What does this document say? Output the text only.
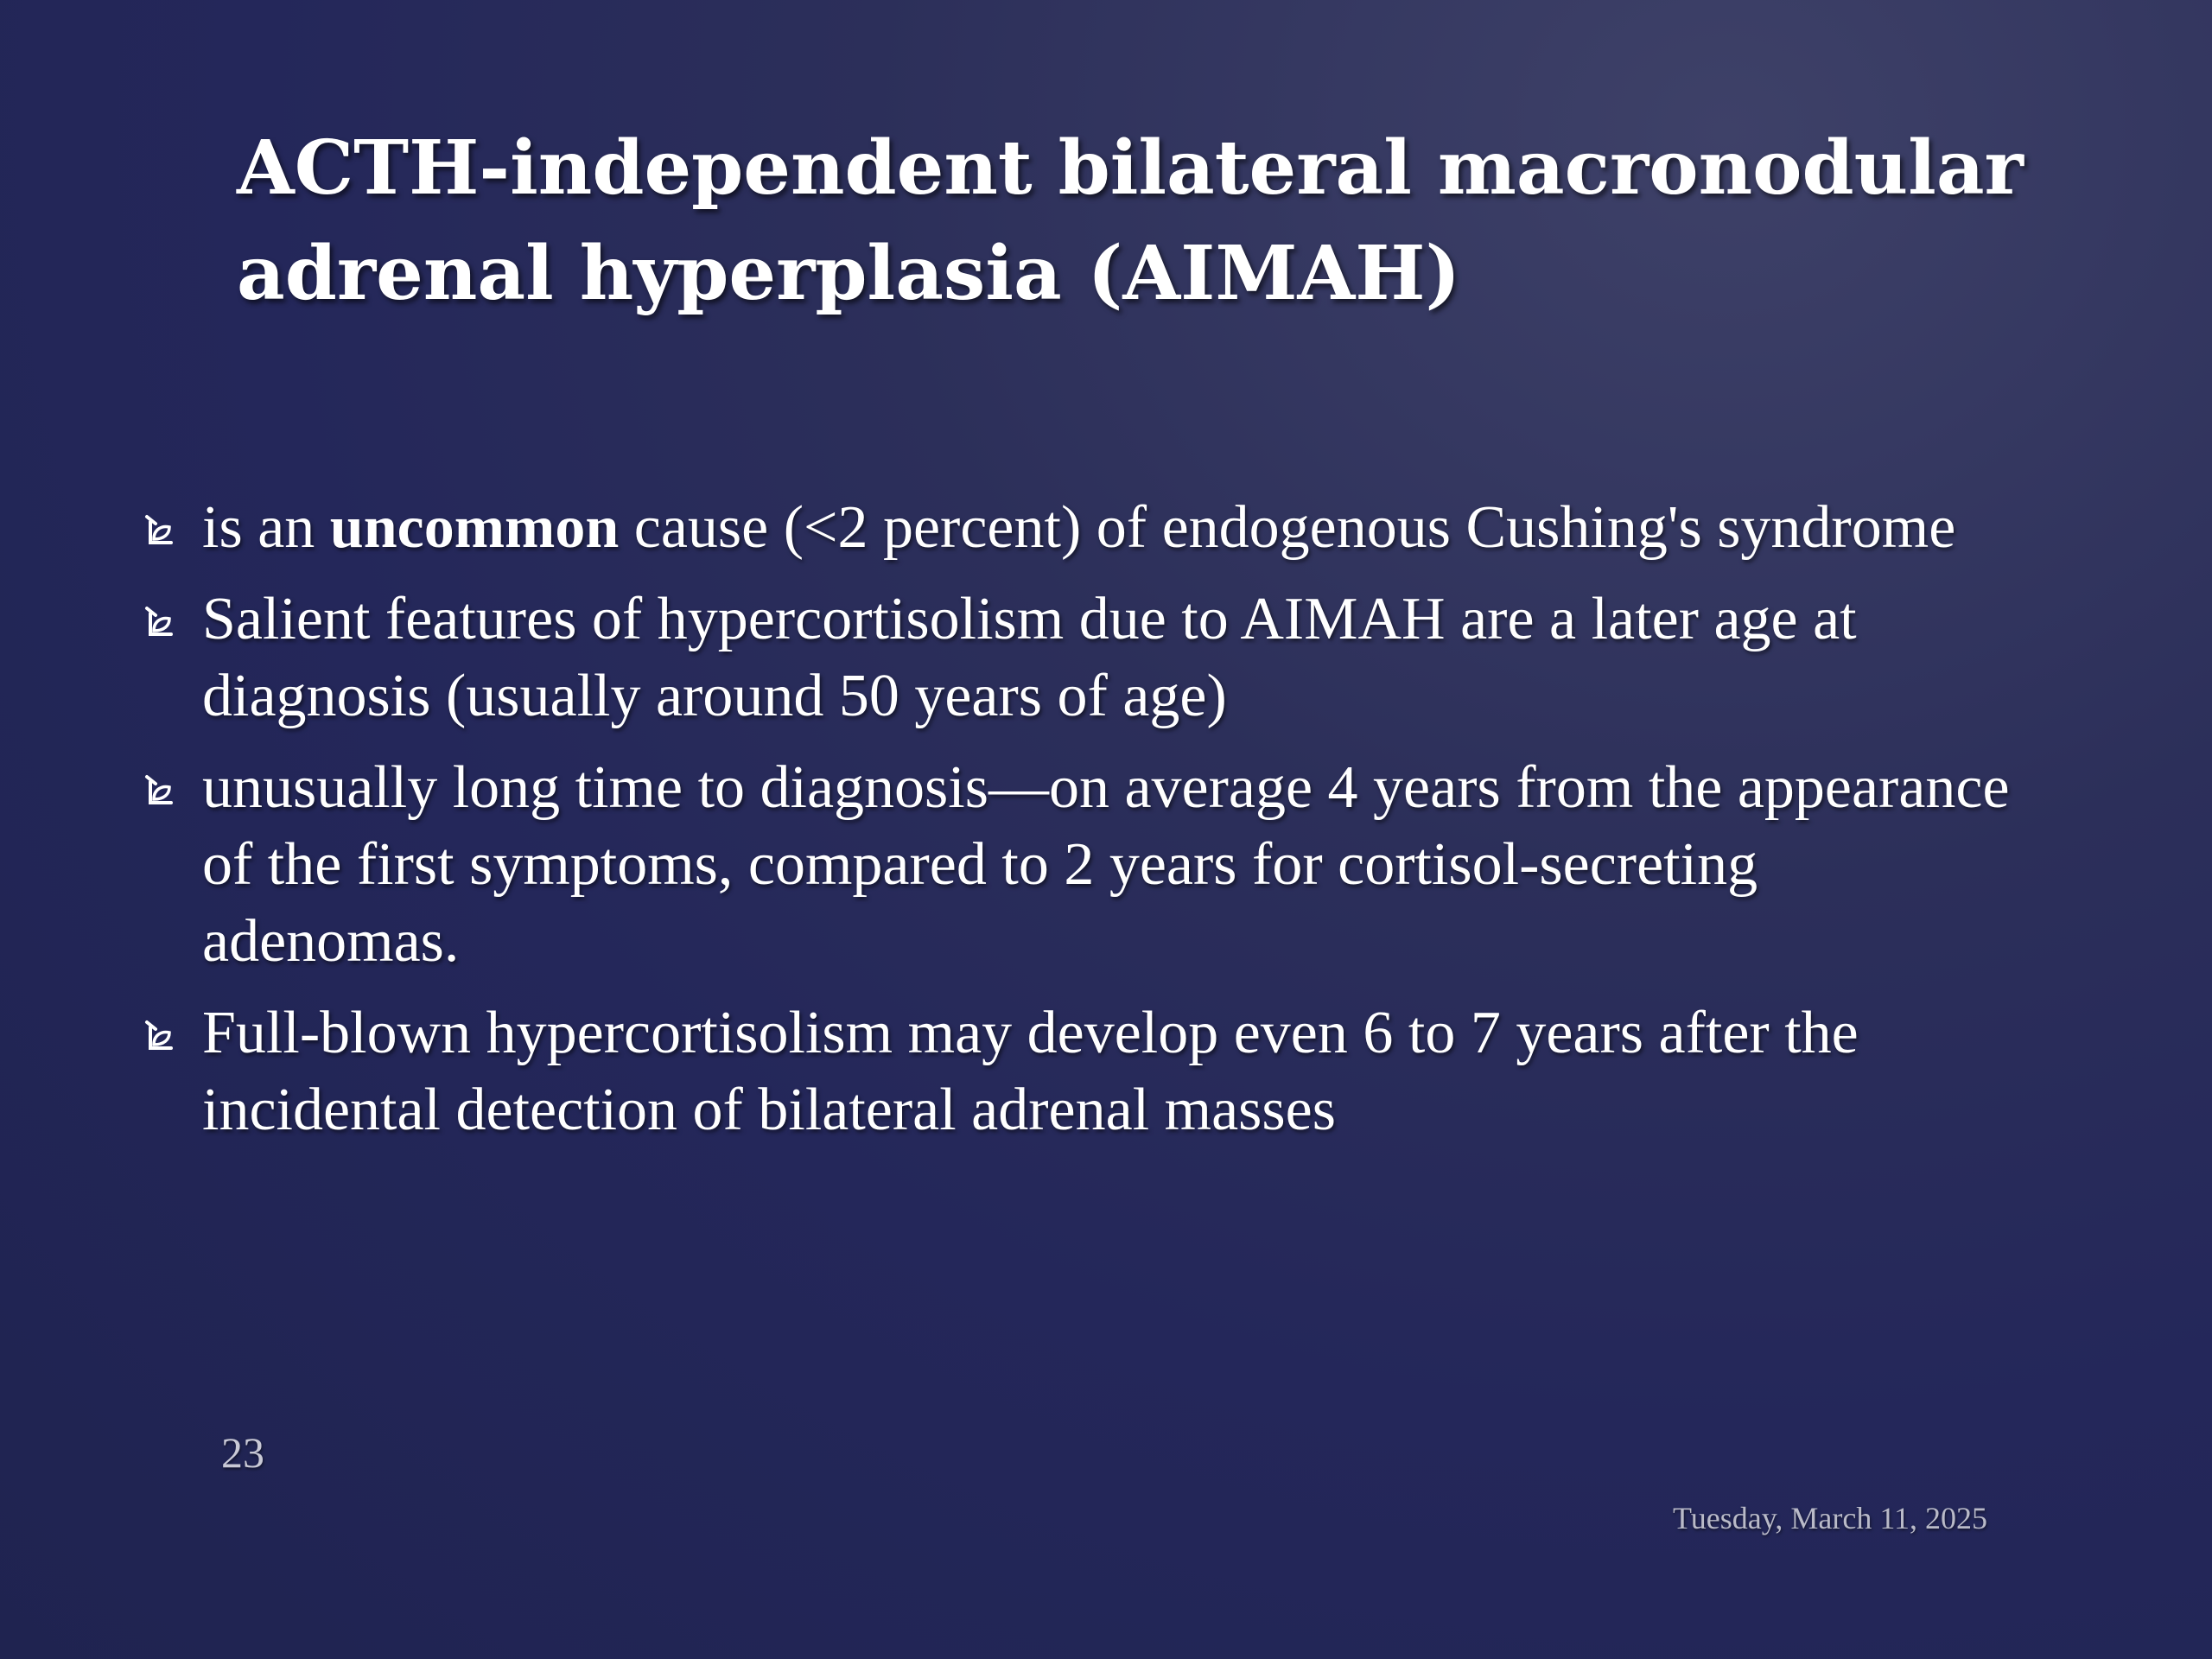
ACTH-independent bilateral macronodular
adrenal hyperplasia (AIMAH)
is an uncommon cause (<2 percent) of endogenous Cushing's syndrome
Salient features of hypercortisolism due to AIMAH are a later age at diagnosis (usually around 50 years of age)
unusually long time to diagnosis—on average 4 years from the appearance of the first symptoms, compared to 2 years for cortisol-secreting adenomas.
Full-blown hypercortisolism may develop even 6 to 7 years after the incidental detection of bilateral adrenal masses
23
Tuesday, March 11, 2025
